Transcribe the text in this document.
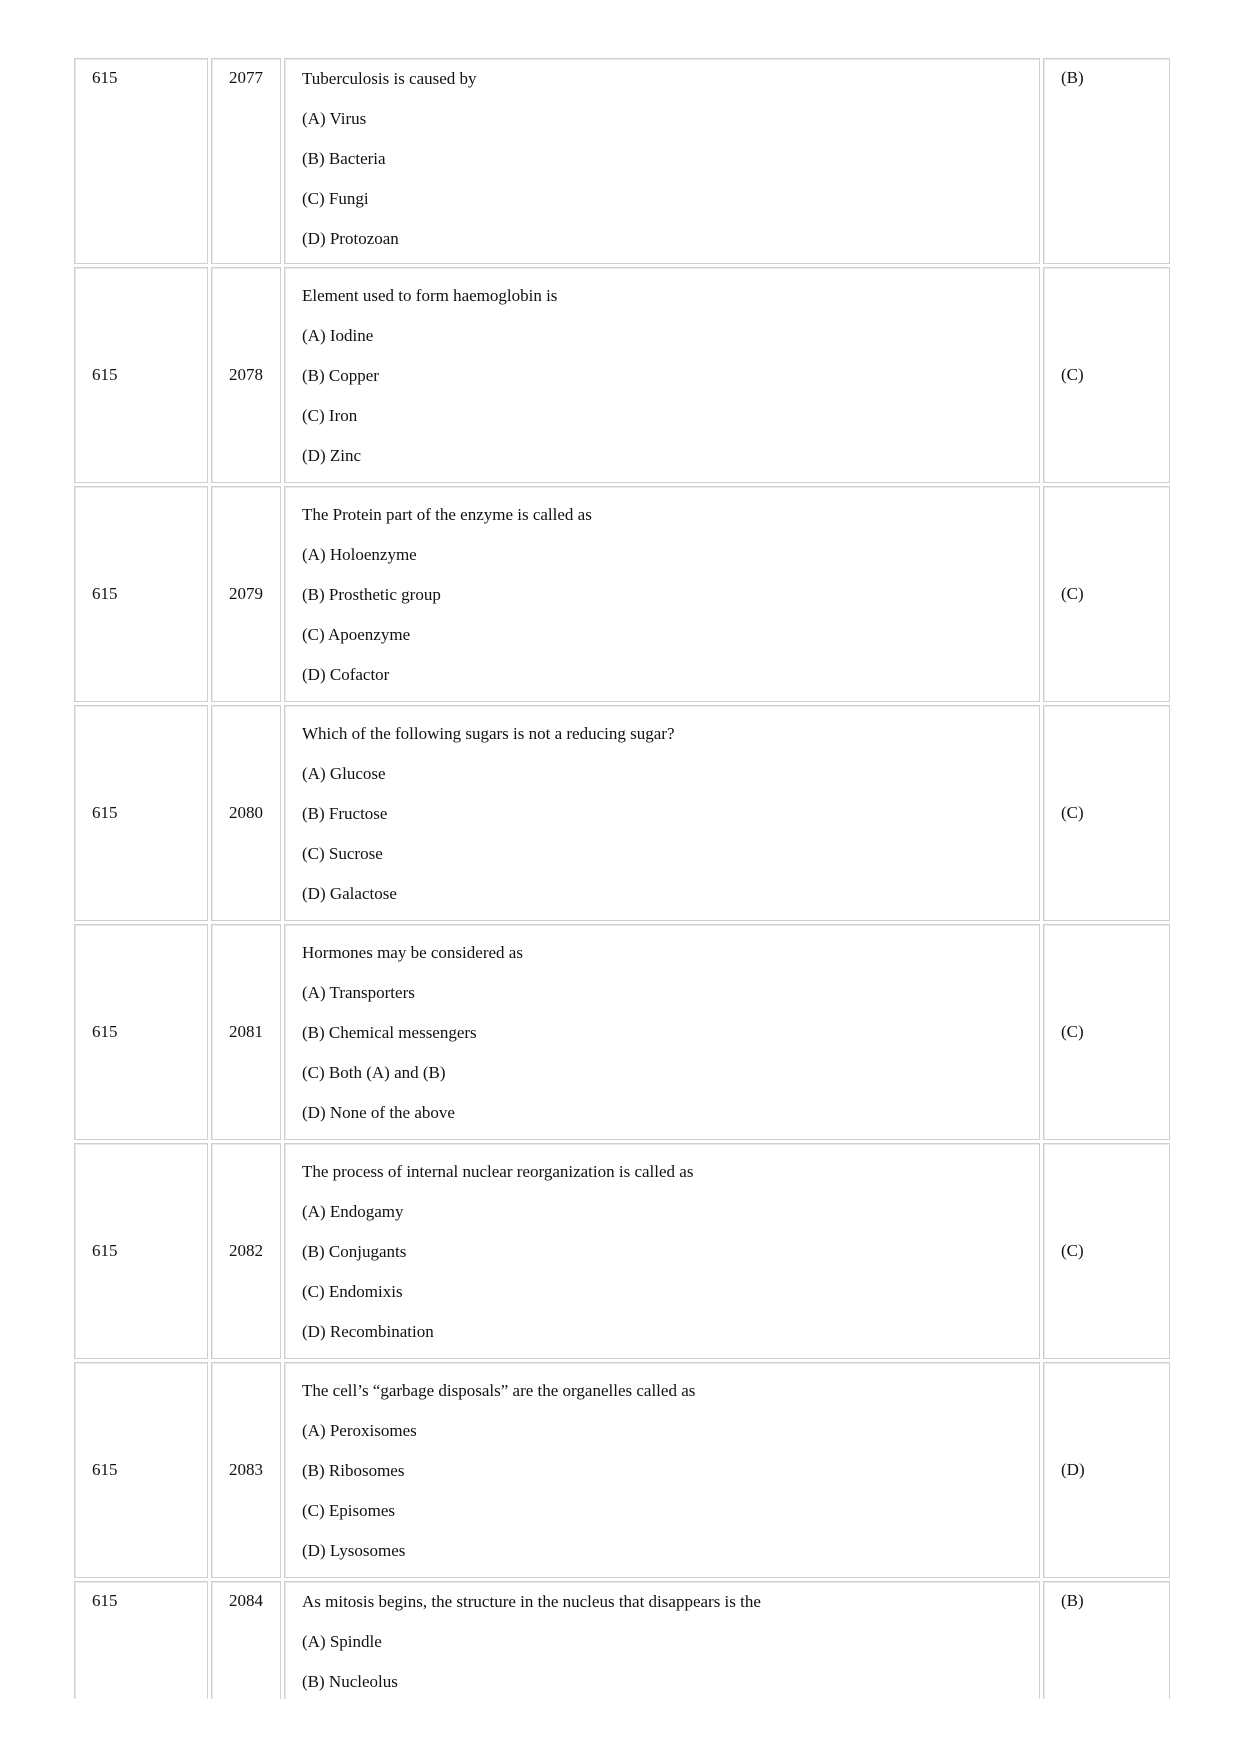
615	2077	Tuberculosis is caused by
(A) Virus
(B) Bacteria
(C) Fungi
(D) Protozoan
(B)
615	2078
Element used to form haemoglobin is
(A) Iodine
(B) Copper
(C) Iron
(D) Zinc
(C)
615	2079
The Protein part of the enzyme is called as
(A) Holoenzyme
(B) Prosthetic group
(C) Apoenzyme
(D) Cofactor
(C)
615	2080
Which of the following sugars is not a reducing sugar?
(A) Glucose
(B) Fructose
(C) Sucrose
(D) Galactose
(C)
615	2081
Hormones may be considered as
(A) Transporters
(B) Chemical messengers
(C) Both (A) and (B)
(D) None of the above
(C)
615	2082
The process of internal nuclear reorganization is called as
(A) Endogamy
(B) Conjugants
(C) Endomixis
(D) Recombination
(C)
615	2083
The cell’s “garbage disposals” are the organelles called as
(A) Peroxisomes
(B) Ribosomes
(C) Episomes
(D) Lysosomes
(D)
615	2084	As mitosis begins, the structure in the nucleus that disappears is the
(A) Spindle
(B) Nucleolus
(B)
